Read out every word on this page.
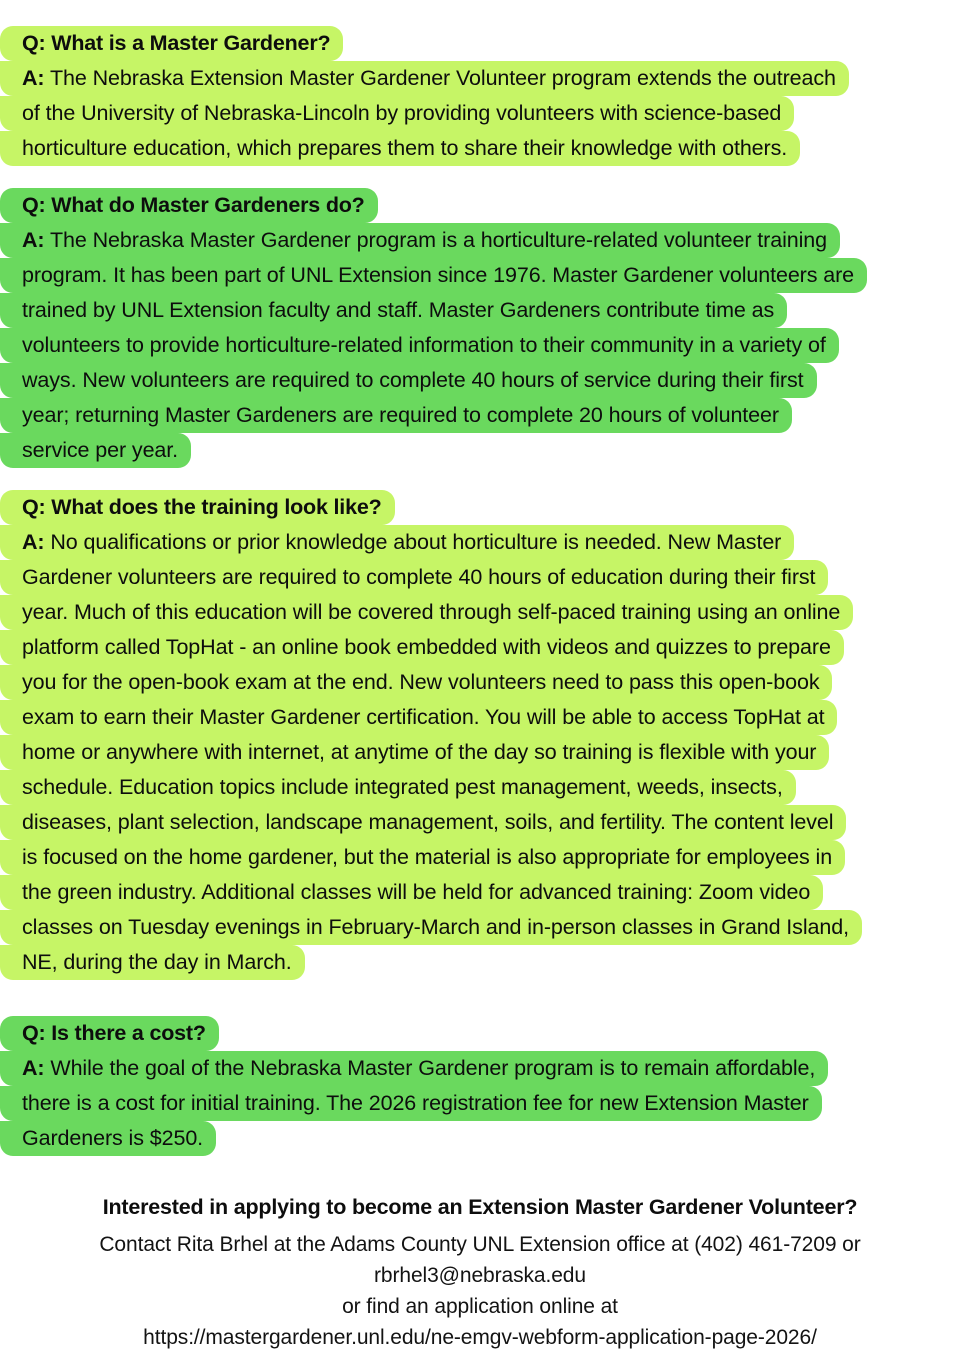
Q: What is a Master Gardener?
A: The Nebraska Extension Master Gardener Volunteer program extends the outreach
of the University of Nebraska-Lincoln by providing volunteers with science-based
horticulture education, which prepares them to share their knowledge with others.
Q: What do Master Gardeners do?
A: The Nebraska Master Gardener program is a horticulture-related volunteer training
program. It has been part of UNL Extension since 1976. Master Gardener volunteers are
trained by UNL Extension faculty and staff. Master Gardeners contribute time as
volunteers to provide horticulture-related information to their community in a variety of
ways. New volunteers are required to complete 40 hours of service during their first
year; returning Master Gardeners are required to complete 20 hours of volunteer
service per year.
Q: What does the training look like?
A: No qualifications or prior knowledge about horticulture is needed. New Master
Gardener volunteers are required to complete 40 hours of education during their first
year. Much of this education will be covered through self-paced training using an online
platform called TopHat - an online book embedded with videos and quizzes to prepare
you for the open-book exam at the end. New volunteers need to pass this open-book
exam to earn their Master Gardener certification. You will be able to access TopHat at
home or anywhere with internet, at anytime of the day so training is flexible with your
schedule. Education topics include integrated pest management, weeds, insects,
diseases, plant selection, landscape management, soils, and fertility. The content level
is focused on the home gardener, but the material is also appropriate for employees in
the green industry. Additional classes will be held for advanced training: Zoom video
classes on Tuesday evenings in February-March and in-person classes in Grand Island,
NE, during the day in March.
Q: Is there a cost?
A: While the goal of the Nebraska Master Gardener program is to remain affordable,
there is a cost for initial training. The 2026 registration fee for new Extension Master
Gardeners is $250.

Interested in applying to become an Extension Master Gardener Volunteer?

Contact Rita Brhel at the Adams County UNL Extension office at (402) 461-7209 or

rbrhel3@nebraska.edu

or find an application online at

https://mastergardener.unl.edu/ne-emgv-webform-application-page-2026/
